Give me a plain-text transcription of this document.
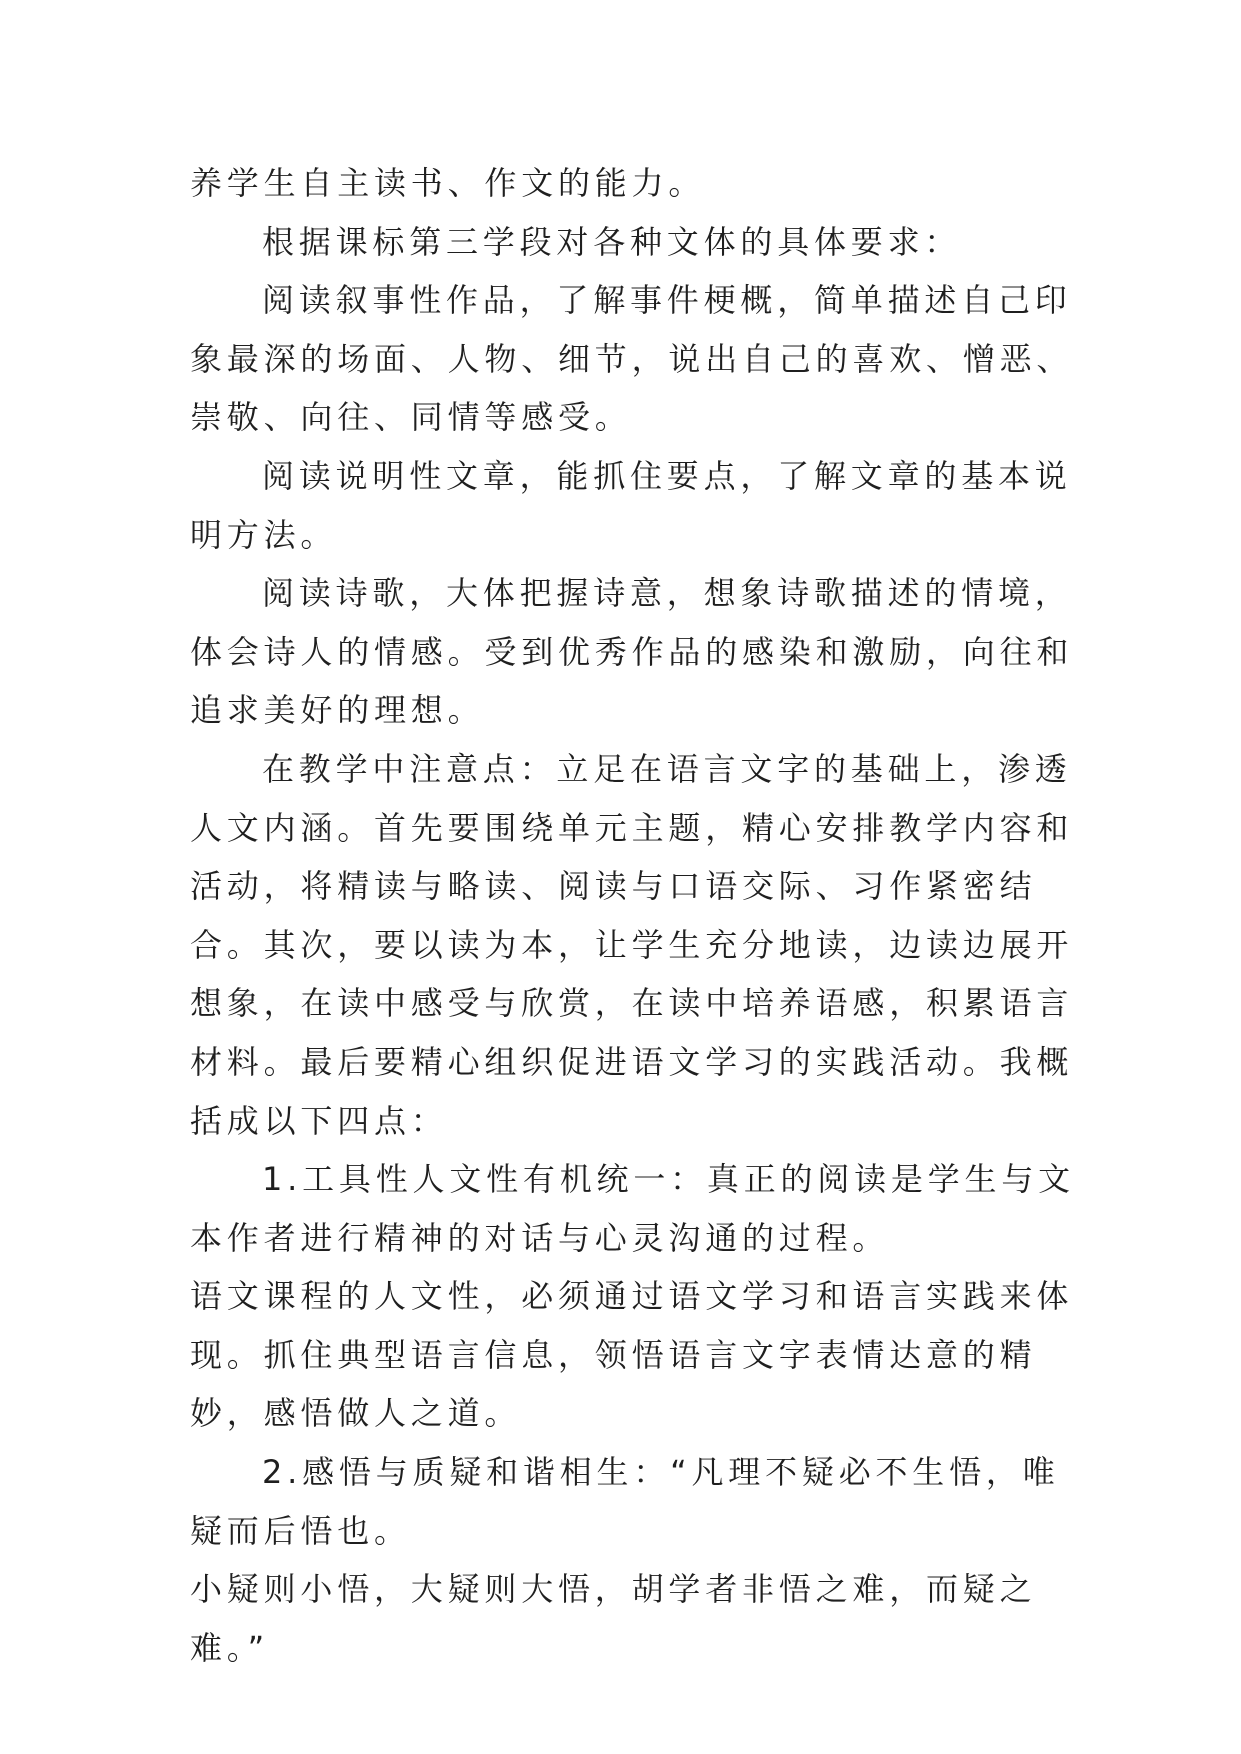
养学生自主读书、作文的能力。

根据课标第三学段对各种文体的具体要求：

阅读叙事性作品，了解事件梗概，简单描述自己印象最深的场面、人物、细节，说出自己的喜欢、憎恶、崇敬、向往、同情等感受。

阅读说明性文章，能抓住要点，了解文章的基本说明方法。

阅读诗歌，大体把握诗意，想象诗歌描述的情境，体会诗人的情感。受到优秀作品的感染和激励，向往和追求美好的理想。

在教学中注意点：立足在语言文字的基础上，渗透人文内涵。首先要围绕单元主题，精心安排教学内容和活动，将精读与略读、阅读与口语交际、习作紧密结合。其次，要以读为本，让学生充分地读，边读边展开想象，在读中感受与欣赏，在读中培养语感，积累语言材料。最后要精心组织促进语文学习的实践活动。我概括成以下四点：

1.工具性人文性有机统一：真正的阅读是学生与文本作者进行精神的对话与心灵沟通的过程。

语文课程的人文性，必须通过语文学习和语言实践来体现。抓住典型语言信息，领悟语言文字表情达意的精妙，感悟做人之道。

2.感悟与质疑和谐相生：“凡理不疑必不生悟，唯疑而后悟也。

小疑则小悟，大疑则大悟，胡学者非悟之难，而疑之难。”
